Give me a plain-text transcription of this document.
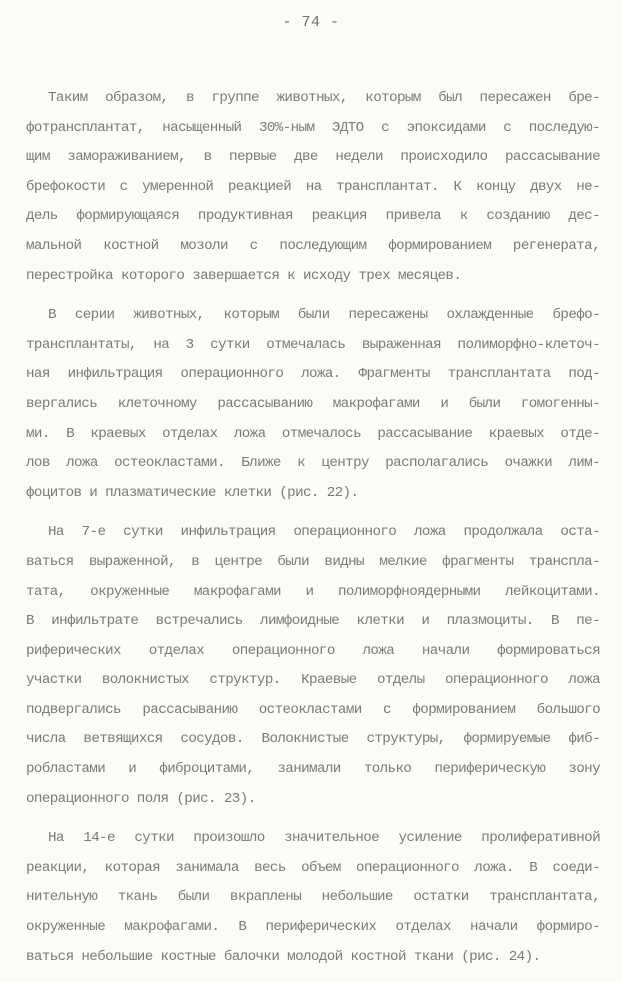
- 74 -
Таким образом, в группе животных, которым был пересажен бре-
фотрансплантат, насыщенный 30%-ным ЭДТО с эпоксидами с последую-
щим замораживанием, в первые две недели происходило рассасывание
брефокости с умеренной реакцией на трансплантат. К концу двух не-
дель формирующаяся продуктивная реакция привела к созданию дес-
мальной костной мозоли с последующим формированием регенерата,
перестройка которого завершается к исходу трех месяцев.
В серии животных, которым были пересажены охлажденные брефо-
трансплантаты, на 3 сутки отмечалась выраженная полиморфно-клеточ-
ная инфильтрация операционного ложа. Фрагменты трансплантата под-
вергались клеточному рассасыванию макрофагами и были гомогенны-
ми. В краевых отделах ложа отмечалось рассасывание краевых отде-
лов ложа остеокластами. Ближе к центру располагались очажки лим-
фоцитов и плазматические клетки (рис. 22).
На 7-е сутки инфильтрация операционного ложа продолжала оста-
ваться выраженной, в центре были видны мелкие фрагменты транспла-
тата, окруженные макрофагами и полиморфноядерными лейкоцитами.
В инфильтрате встречались лимфоидные клетки и плазмоциты. В пе-
риферических отделах операционного ложа начали формироваться
участки волокнистых структур. Краевые отделы операционного ложа
подвергались рассасыванию остеокластами с формированием большого
числа ветвящихся сосудов. Волокнистые структуры, формируемые фиб-
робластами и фиброцитами, занимали только периферическую зону
операционного поля (рис. 23).
На 14-е сутки произошло значительное усиление пролиферативной
реакции, которая занимала весь объем операционного ложа. В соеди-
нительную ткань были вкраплены небольшие остатки трансплантата,
окруженные макрофагами. В периферических отделах начали формиро-
ваться небольшие костные балочки молодой костной ткани (рис. 24).
